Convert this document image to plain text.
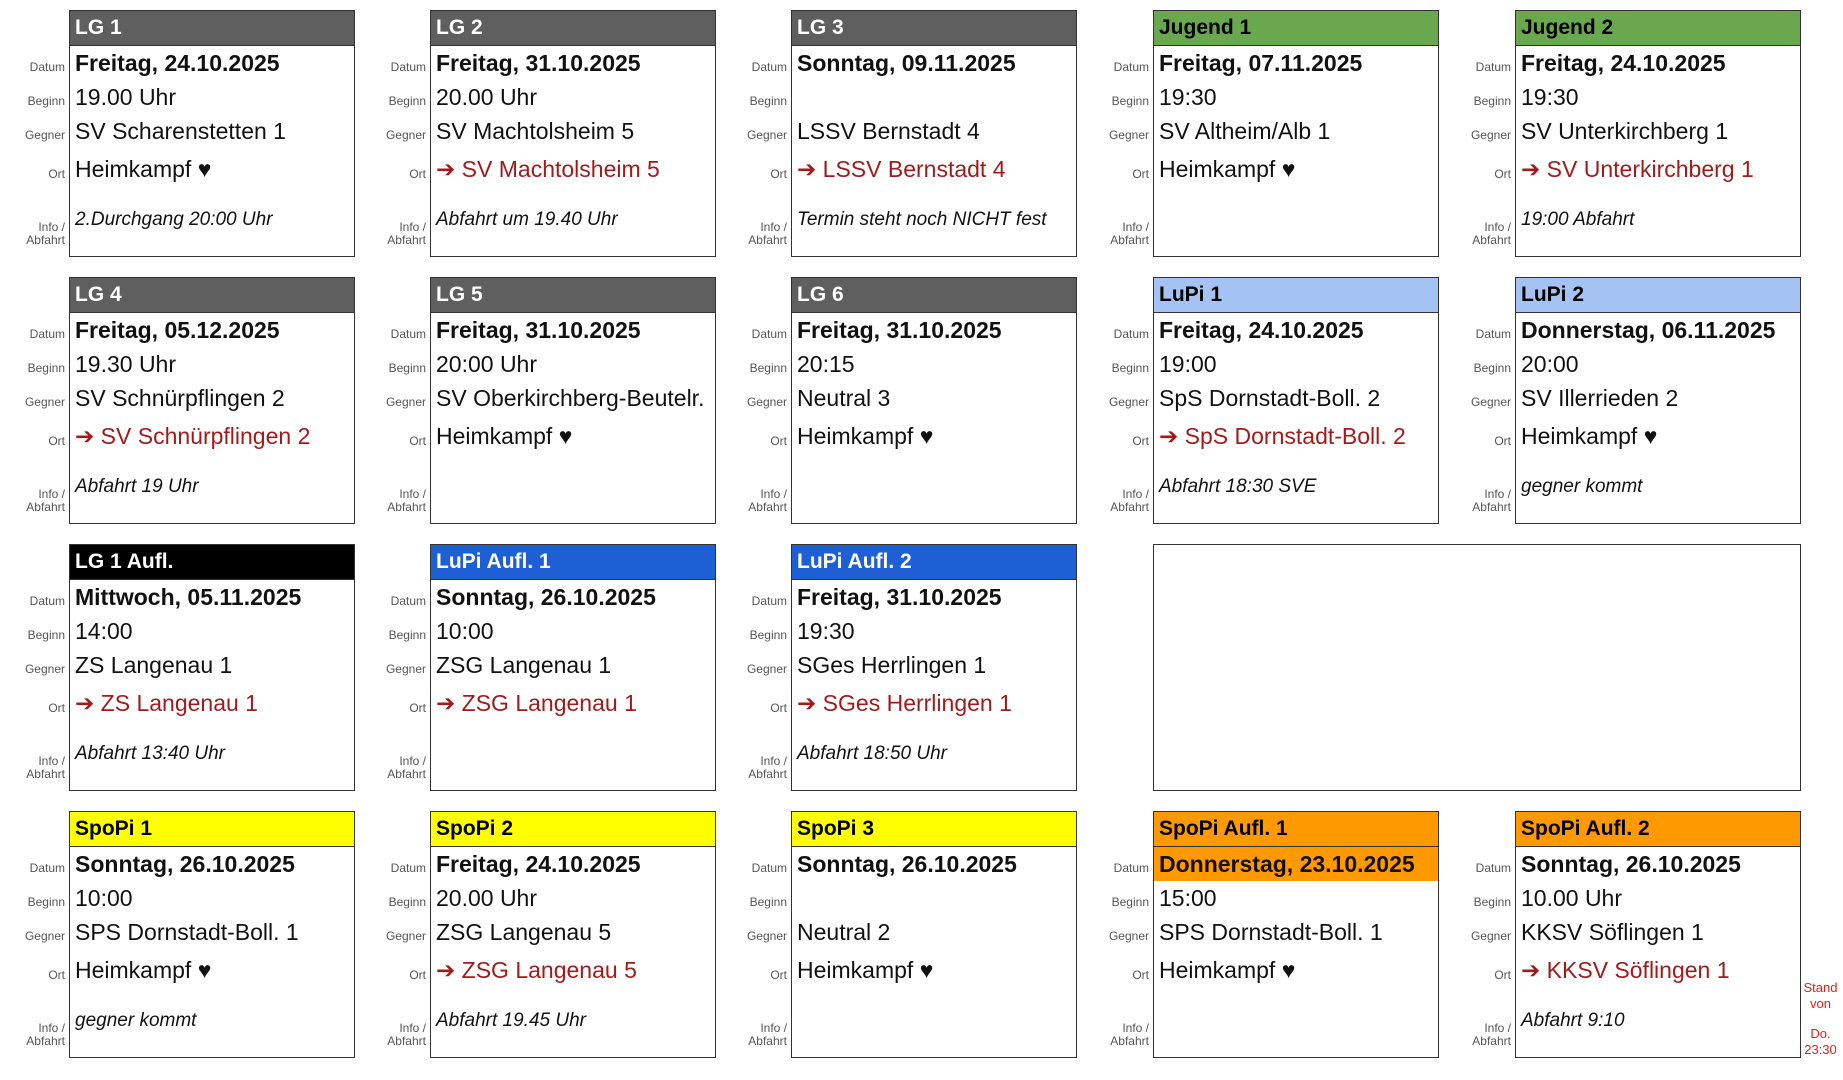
Datum
Beginn
Gegner
Ort
Info /
Abfahrt
LG 1
Freitag, 24.10.2025
19.00 Uhr
SV Scharenstetten 1
Heimkampf ♥
2.Durchgang 20:00 Uhr
Datum
Beginn
Gegner
Ort
Info /
Abfahrt
LG 2
Freitag, 31.10.2025
20.00 Uhr
SV Machtolsheim 5
➔ SV Machtolsheim 5
Abfahrt um 19.40 Uhr
Datum
Beginn
Gegner
Ort
Info /
Abfahrt
LG 3
Sonntag, 09.11.2025
LSSV Bernstadt 4
➔ LSSV Bernstadt 4
Termin steht noch NICHT fest
Datum
Beginn
Gegner
Ort
Info /
Abfahrt
Jugend 1
Freitag, 07.11.2025
19:30
SV Altheim/Alb 1
Heimkampf ♥
Datum
Beginn
Gegner
Ort
Info /
Abfahrt
Jugend 2
Freitag, 24.10.2025
19:30
SV Unterkirchberg 1
➔ SV Unterkirchberg 1
19:00 Abfahrt
Datum
Beginn
Gegner
Ort
Info /
Abfahrt
LG 4
Freitag, 05.12.2025
19.30 Uhr
SV Schnürpflingen 2
➔ SV Schnürpflingen 2
Abfahrt 19 Uhr
Datum
Beginn
Gegner
Ort
Info /
Abfahrt
LG 5
Freitag, 31.10.2025
20:00 Uhr
SV Oberkirchberg-Beutelr.
Heimkampf ♥
Datum
Beginn
Gegner
Ort
Info /
Abfahrt
LG 6
Freitag, 31.10.2025
20:15
Neutral 3
Heimkampf ♥
Datum
Beginn
Gegner
Ort
Info /
Abfahrt
LuPi 1
Freitag, 24.10.2025
19:00
SpS Dornstadt-Boll. 2
➔ SpS Dornstadt-Boll. 2
Abfahrt 18:30 SVE
Datum
Beginn
Gegner
Ort
Info /
Abfahrt
LuPi 2
Donnerstag, 06.11.2025
20:00
SV Illerrieden 2
Heimkampf ♥
gegner kommt
Datum
Beginn
Gegner
Ort
Info /
Abfahrt
LG 1 Aufl.
Mittwoch, 05.11.2025
14:00
ZS Langenau 1
➔ ZS Langenau 1
Abfahrt 13:40 Uhr
Datum
Beginn
Gegner
Ort
Info /
Abfahrt
LuPi Aufl. 1
Sonntag, 26.10.2025
10:00
ZSG Langenau 1
➔ ZSG Langenau 1
Datum
Beginn
Gegner
Ort
Info /
Abfahrt
LuPi Aufl. 2
Freitag, 31.10.2025
19:30
SGes Herrlingen 1
➔ SGes Herrlingen 1
Abfahrt 18:50 Uhr
Datum
Beginn
Gegner
Ort
Info /
Abfahrt
SpoPi 1
Sonntag, 26.10.2025
10:00
SPS Dornstadt-Boll. 1
Heimkampf ♥
gegner kommt
Datum
Beginn
Gegner
Ort
Info /
Abfahrt
SpoPi 2
Freitag, 24.10.2025
20.00 Uhr
ZSG Langenau 5
➔ ZSG Langenau 5
Abfahrt 19.45 Uhr
Datum
Beginn
Gegner
Ort
Info /
Abfahrt
SpoPi 3
Sonntag, 26.10.2025
Neutral 2
Heimkampf ♥
Datum
Beginn
Gegner
Ort
Info /
Abfahrt
SpoPi Aufl. 1
Donnerstag, 23.10.2025
15:00
SPS Dornstadt-Boll. 1
Heimkampf ♥
Datum
Beginn
Gegner
Ort
Info /
Abfahrt
SpoPi Aufl. 2
Sonntag, 26.10.2025
10.00 Uhr
KKSV Söflingen 1
➔ KKSV Söflingen 1
Abfahrt 9:10
Stand
von
Do.
23:30
